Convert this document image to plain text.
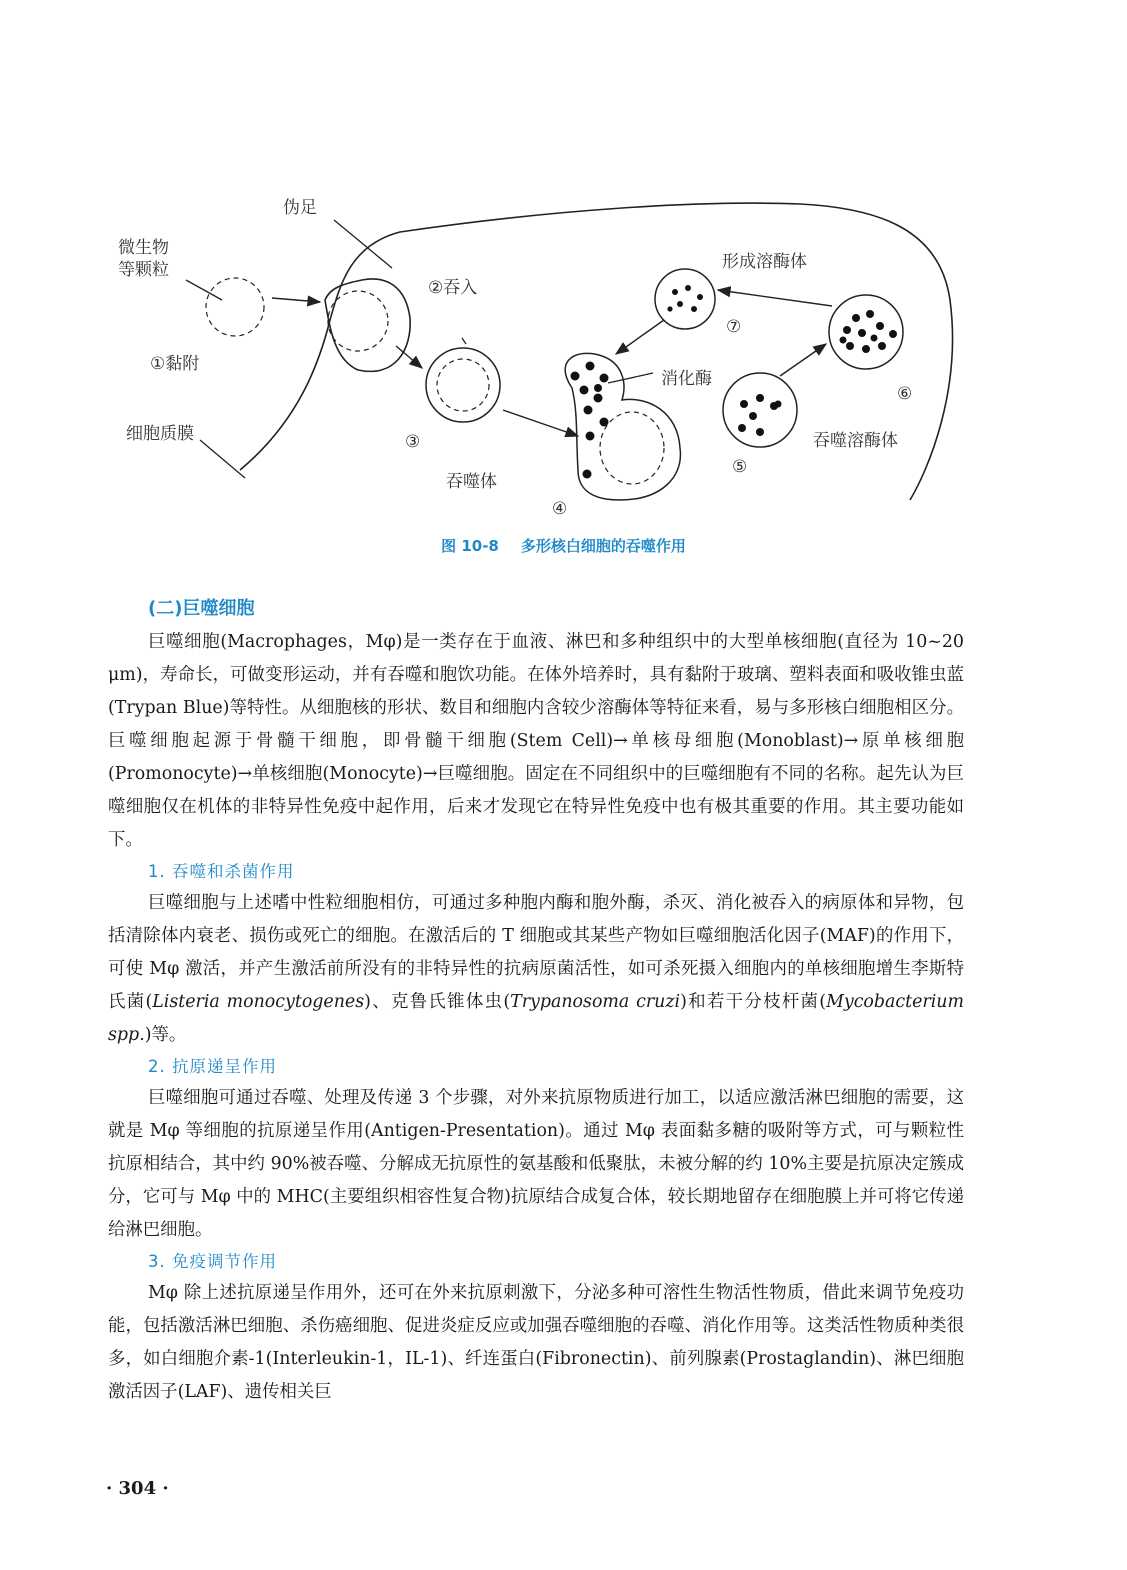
伪足
微生物
等颗粒
①黏附
细胞质膜
②吞入
③
吞噬体
④
形成溶酶体
⑦
消化酶
⑥
吞噬溶酶体
⑤
图 10-8 多形核白细胞的吞噬作用
(二)巨噬细胞

巨噬细胞(Macrophages，Mφ)是一类存在于血液、淋巴和多种组织中的大型单核细胞(直径为 10~20 μm)，寿命长，可做变形运动，并有吞噬和胞饮功能。在体外培养时，具有黏附于玻璃、塑料表面和吸收锥虫蓝(Trypan Blue)等特性。从细胞核的形状、数目和细胞内含较少溶酶体等特征来看，易与多形核白细胞相区分。巨噬细胞起源于骨髓干细胞，即骨髓干细胞(Stem Cell)→单核母细胞(Monoblast)→原单核细胞(Promonocyte)→单核细胞(Monocyte)→巨噬细胞。固定在不同组织中的巨噬细胞有不同的名称。起先认为巨噬细胞仅在机体的非特异性免疫中起作用，后来才发现它在特异性免疫中也有极其重要的作用。其主要功能如下。

1. 吞噬和杀菌作用

巨噬细胞与上述嗜中性粒细胞相仿，可通过多种胞内酶和胞外酶，杀灭、消化被吞入的病原体和异物，包括清除体内衰老、损伤或死亡的细胞。在激活后的 T 细胞或其某些产物如巨噬细胞活化因子(MAF)的作用下，可使 Mφ 激活，并产生激活前所没有的非特异性的抗病原菌活性，如可杀死摄入细胞内的单核细胞增生李斯特氏菌(Listeria monocytogenes)、克鲁氏锥体虫(Trypanosoma cruzi)和若干分枝杆菌(Mycobacterium spp.)等。

2. 抗原递呈作用

巨噬细胞可通过吞噬、处理及传递 3 个步骤，对外来抗原物质进行加工，以适应激活淋巴细胞的需要，这就是 Mφ 等细胞的抗原递呈作用(Antigen-Presentation)。通过 Mφ 表面黏多糖的吸附等方式，可与颗粒性抗原相结合，其中约 90%被吞噬、分解成无抗原性的氨基酸和低聚肽，未被分解的约 10%主要是抗原决定簇成分，它可与 Mφ 中的 MHC(主要组织相容性复合物)抗原结合成复合体，较长期地留存在细胞膜上并可将它传递给淋巴细胞。

3. 免疫调节作用

Mφ 除上述抗原递呈作用外，还可在外来抗原刺激下，分泌多种可溶性生物活性物质，借此来调节免疫功能，包括激活淋巴细胞、杀伤癌细胞、促进炎症反应或加强吞噬细胞的吞噬、消化作用等。这类活性物质种类很多，如白细胞介素-1(Interleukin-1，IL-1)、纤连蛋白(Fibronectin)、前列腺素(Prostaglandin)、淋巴细胞激活因子(LAF)、遗传相关巨

· 304 ·
